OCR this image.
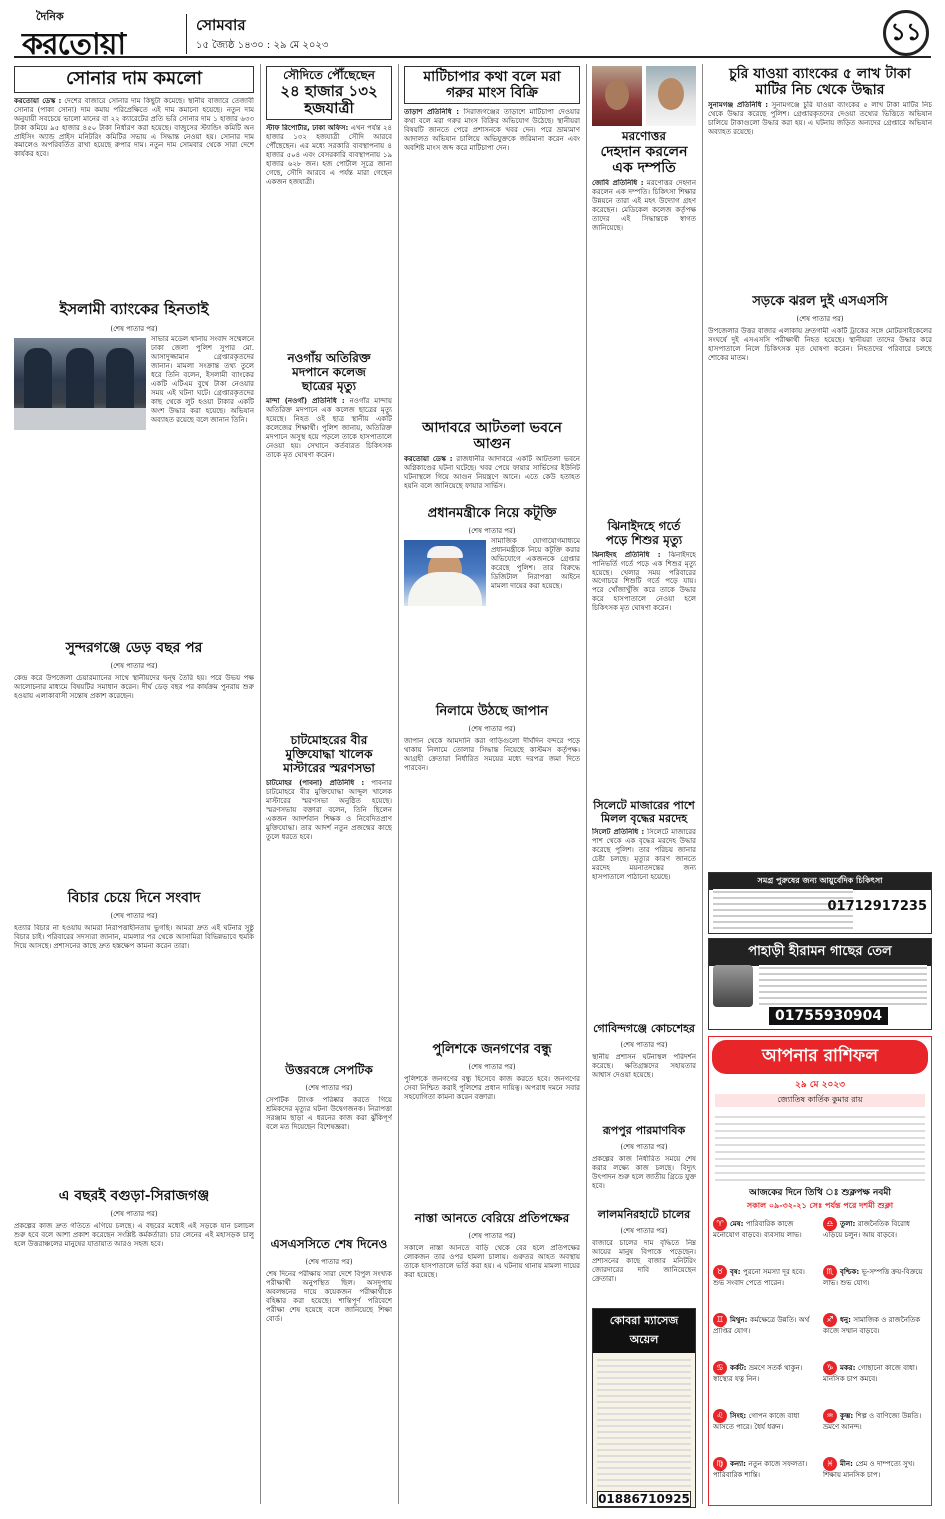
দৈনিক
করতোয়া
সোমবার
১৫ জ্যৈষ্ঠ ১৪৩০ : ২৯ মে ২০২৩	১১
সোনার দাম কমলো
করতোয়া ডেস্ক : দেশের বাজারে সোনার দাম কিছুটা কমেছে। স্থানীয় বাজারে তেজাবী সোনার (পাকা সোনা) দাম কমায় পরিপ্রেক্ষিতে এই দাম কমানো হয়েছে। নতুন দাম অনুযায়ী সবচেয়ে ভালো মানের বা ২২ ক্যারেটের প্রতি ভরি সোনার দাম ১ হাজার ৬৩৩ টাকা কমিয়ে ৯৫ হাজার ৪৫০ টাকা নির্ধারণ করা হয়েছে। বাজুসের স্ট্যান্ডিং কমিটি অন প্রাইসিং অ্যান্ড প্রাইস মনিটরিং কমিটির সভায় এ সিদ্ধান্ত নেওয়া হয়। সোনার দাম কমালেও অপরিবর্তিত রাখা হয়েছে রুপার দাম। নতুন দাম সোমবার থেকে সারা দেশে কার্যকর হবে।
ইসলামী ব্যাংকের হিনতাই
(শেষ পাতার পর)
সাভার মডেল থানায় সংবাদ সম্মেলনে ঢাকা জেলা পুলিশ সুপার মো. আসাদুজ্জামান গ্রেপ্তারকৃতদের জানান। মামলা সংক্রান্ত তথ্য তুলে ধরে তিনি বলেন, ইসলামী ব্যাংকের একটি এটিএম বুথে টাকা নেওয়ার সময় এই ঘটনা ঘটে। গ্রেপ্তারকৃতদের কাছ থেকে লুট হওয়া টাকার একটি অংশ উদ্ধার করা হয়েছে। অভিযান অব্যাহত রয়েছে বলে জানান তিনি।
সুন্দরগঞ্জে ডেড় বছর পর
(শেষ পাতার পর)
কেন্দ্র করে উপজেলা চেয়ারম্যানের সাথে স্থানীয়দের দ্বন্দ্ব তৈরি হয়। পরে উভয় পক্ষ আলোচনার মাধ্যমে বিষয়টির সমাধান করেন। দীর্ঘ ডেড় বছর পর কার্যক্রম পুনরায় শুরু হওয়ায় এলাকাবাসী সন্তোষ প্রকাশ করেছেন।
বিচার চেয়ে দিনে সংবাদ
(শেষ পাতার পর)
হত্যার বিচার না হওয়ায় আমরা নিরাপত্তাহীনতায় ভুগছি। আমরা দ্রুত এই ঘটনার সুষ্ঠু বিচার চাই। পরিবারের সদস্যরা জানান, মামলার পর থেকে আসামিরা বিভিন্নভাবে হুমকি দিয়ে আসছে। প্রশাসনের কাছে দ্রুত হস্তক্ষেপ কামনা করেন তারা।
এ বছরই বগুড়া-সিরাজগঞ্জ
(শেষ পাতার পর)
প্রকল্পের কাজ দ্রুত গতিতে এগিয়ে চলছে। এ বছরের মধ্যেই এই সড়কে যান চলাচল শুরু হবে বলে আশা প্রকাশ করেছেন সংশ্লিষ্ট কর্মকর্তারা। চার লেনের এই মহাসড়ক চালু হলে উত্তরাঞ্চলের মানুষের যাতায়াত আরও সহজ হবে।
সৌদিতে পৌঁছেছেন
২৪ হাজার ১৩২
হজযাত্রী
স্টাফ রিপোর্টার, ঢাকা অফিস: এখন পর্যন্ত ২৪ হাজার ১৩২ হজযাত্রী সৌদি আরবে পৌঁছেছেন। এর মধ্যে সরকারি ব্যবস্থাপনায় ৪ হাজার ৫০৪ এবং বেসরকারি ব্যবস্থাপনায় ১৯ হাজার ৬২৮ জন। হজ পোর্টাল সূত্রে জানা গেছে, সৌদি আরবে এ পর্যন্ত মারা গেছেন একজন হজযাত্রী।
নওগাঁয় অতিরিক্ত
মদপানে কলেজ
ছাত্রের মৃত্যু
মান্দা (নওগাঁ) প্রতিনিধি : নওগাঁর মান্দায় অতিরিক্ত মদপানে এক কলেজ ছাত্রের মৃত্যু হয়েছে। নিহত ওই ছাত্র স্থানীয় একটি কলেজের শিক্ষার্থী। পুলিশ জানায়, অতিরিক্ত মদপানে অসুস্থ হয়ে পড়লে তাকে হাসপাতালে নেওয়া হয়। সেখানে কর্তব্যরত চিকিৎসক তাকে মৃত ঘোষণা করেন।
চাটমোহরের বীর
মুক্তিযোদ্ধা খালেক
মাস্টারের স্মরণসভা
চাটমোহর (পাবনা) প্রতিনিধি : পাবনার চাটমোহরে বীর মুক্তিযোদ্ধা আব্দুল খালেক মাস্টারের স্মরণসভা অনুষ্ঠিত হয়েছে। স্মরণসভায় বক্তারা বলেন, তিনি ছিলেন একজন আদর্শবান শিক্ষক ও নিবেদিতপ্রাণ মুক্তিযোদ্ধা। তার আদর্শ নতুন প্রজন্মের কাছে তুলে ধরতে হবে।
উত্তরবঙ্গে সেপটিক
(শেষ পাতার পর)
সেপটিক ট্যাংক পরিষ্কার করতে গিয়ে শ্রমিকদের মৃত্যুর ঘটনা উদ্বেগজনক। নিরাপত্তা সরঞ্জাম ছাড়া এ ধরনের কাজ করা ঝুঁকিপূর্ণ বলে মত দিয়েছেন বিশেষজ্ঞরা।
এসএসসিতে শেষ দিনেও
(শেষ পাতার পর)
শেষ দিনের পরীক্ষায় সারা দেশে বিপুল সংখ্যক পরীক্ষার্থী অনুপস্থিত ছিল। অসদুপায় অবলম্বনের দায়ে কয়েকজন পরীক্ষার্থীকে বহিষ্কার করা হয়েছে। শান্তিপূর্ণ পরিবেশে পরীক্ষা শেষ হয়েছে বলে জানিয়েছে শিক্ষা বোর্ড।
মাটিচাপার কথা বলে মরা
গরুর মাংস বিক্রি
তাড়াশ প্রতিনিধি : সিরাজগঞ্জের তাড়াশে মাটিচাপা দেওয়ার কথা বলে মরা গরুর মাংস বিক্রির অভিযোগ উঠেছে। স্থানীয়রা বিষয়টি জানতে পেরে প্রশাসনকে খবর দেন। পরে ভ্রাম্যমাণ আদালত অভিযান চালিয়ে অভিযুক্তকে জরিমানা করেন এবং অবশিষ্ট মাংস জব্দ করে মাটিচাপা দেন।
আদাবরে আটতলা ভবনে আগুন
করতোয়া ডেস্ক : রাজধানীর আদাবরে একটি আটতলা ভবনে অগ্নিকাণ্ডের ঘটনা ঘটেছে। খবর পেয়ে ফায়ার সার্ভিসের ইউনিট ঘটনাস্থলে গিয়ে আগুন নিয়ন্ত্রণে আনে। এতে কেউ হতাহত হয়নি বলে জানিয়েছে ফায়ার সার্ভিস।
প্রধানমন্ত্রীকে নিয়ে কটূক্তি
(শেষ পাতার পর)
সামাজিক যোগাযোগমাধ্যমে প্রধানমন্ত্রীকে নিয়ে কটূক্তি করার অভিযোগে একজনকে গ্রেপ্তার করেছে পুলিশ। তার বিরুদ্ধে ডিজিটাল নিরাপত্তা আইনে মামলা দায়ের করা হয়েছে।
নিলামে উঠছে জাপান
(শেষ পাতার পর)
জাপান থেকে আমদানি করা গাড়িগুলো দীর্ঘদিন বন্দরে পড়ে থাকায় নিলামে তোলার সিদ্ধান্ত নিয়েছে কাস্টমস কর্তৃপক্ষ। আগ্রহী ক্রেতারা নির্ধারিত সময়ের মধ্যে দরপত্র জমা দিতে পারবেন।
পুলিশকে জনগণের বন্ধু
(শেষ পাতার পর)
পুলিশকে জনগণের বন্ধু হিসেবে কাজ করতে হবে। জনগণের সেবা নিশ্চিত করাই পুলিশের প্রধান দায়িত্ব। অপরাধ দমনে সবার সহযোগিতা কামনা করেন বক্তারা।
নাস্তা আনতে বেরিয়ে প্রতিপক্ষের
(শেষ পাতার পর)
সকালে নাস্তা আনতে বাড়ি থেকে বের হলে প্রতিপক্ষের লোকজন তার ওপর হামলা চালায়। গুরুতর আহত অবস্থায় তাকে হাসপাতালে ভর্তি করা হয়। এ ঘটনায় থানায় মামলা দায়ের করা হয়েছে।
মরণোত্তর
দেহদান করলেন
এক দম্পতি
জোবি প্রতিনিধি : মরণোত্তর দেহদান করলেন এক দম্পতি। চিকিৎসা শিক্ষার উন্নয়নে তারা এই মহৎ উদ্যোগ গ্রহণ করেছেন। মেডিকেল কলেজ কর্তৃপক্ষ তাদের এই সিদ্ধান্তকে স্বাগত জানিয়েছে।
ঝিনাইদহে গর্তে
পড়ে শিশুর মৃত্যু
ঝিনাইদহ প্রতিনিধি : ঝিনাইদহে পানিভর্তি গর্তে পড়ে এক শিশুর মৃত্যু হয়েছে। খেলার সময় পরিবারের অগোচরে শিশুটি গর্তে পড়ে যায়। পরে খোঁজাখুঁজি করে তাকে উদ্ধার করে হাসপাতালে নেওয়া হলে চিকিৎসক মৃত ঘোষণা করেন।
সিলেটে মাজারের পাশে
মিলল বৃদ্ধের মরদেহ
সিলেট প্রতিনিধি : সিলেটে মাজারের পাশ থেকে এক বৃদ্ধের মরদেহ উদ্ধার করেছে পুলিশ। তার পরিচয় জানার চেষ্টা চলছে। মৃত্যুর কারণ জানতে মরদেহ ময়নাতদন্তের জন্য হাসপাতালে পাঠানো হয়েছে।
গোবিন্দগঞ্জে কোচশেহর
(শেষ পাতার পর)
স্থানীয় প্রশাসন ঘটনাস্থল পরিদর্শন করেছে। ক্ষতিগ্রস্তদের সহায়তার আশ্বাস দেওয়া হয়েছে।
রূপপুর পারমাণবিক
(শেষ পাতার পর)
প্রকল্পের কাজ নির্ধারিত সময়ে শেষ করার লক্ষ্যে কাজ চলছে। বিদ্যুৎ উৎপাদন শুরু হলে জাতীয় গ্রিডে যুক্ত হবে।
লালমনিরহাটে চালের
(শেষ পাতার পর)
বাজারে চালের দাম বৃদ্ধিতে নিম্ন আয়ের মানুষ বিপাকে পড়েছেন। প্রশাসনের কাছে বাজার মনিটরিং জোরদারের দাবি জানিয়েছেন ক্রেতারা।
কোবরা ম্যাসেজ অয়েল
01886710925
চুরি যাওয়া ব্যাংকের ৫ লাখ টাকা
মাটির নিচ থেকে উদ্ধার
সুনামগঞ্জ প্রতিনিধি : সুনামগঞ্জে চুরি যাওয়া ব্যাংকের ৫ লাখ টাকা মাটির নিচ থেকে উদ্ধার করেছে পুলিশ। গ্রেপ্তারকৃতদের দেওয়া তথ্যের ভিত্তিতে অভিযান চালিয়ে টাকাগুলো উদ্ধার করা হয়। এ ঘটনায় জড়িত অন্যদের গ্রেপ্তারে অভিযান অব্যাহত রয়েছে।
সড়কে ঝরল দুই এসএসসি
(শেষ পাতার পর)
উপজেলার উত্তর বাজার এলাকায় দ্রুতগামী একটি ট্রাকের সঙ্গে মোটরসাইকেলের সংঘর্ষে দুই এসএসসি পরীক্ষার্থী নিহত হয়েছে। স্থানীয়রা তাদের উদ্ধার করে হাসপাতালে নিলে চিকিৎসক মৃত ঘোষণা করেন। নিহতদের পরিবারে চলছে শোকের মাতম।
সমগ্র পুরুষের জন্য আয়ুর্বেদিক চিকিৎসা
01712917235
পাহাড়ী হীরামন গাছের তেল
01755930904
আপনার রাশিফল
২৯ মে ২০২৩
জ্যোতিষ কার্তিক কুমার রায়
আজকের দিনে তিথি ঃ শুক্লপক্ষ নবমী
সকাল ০৯-৩২-২১ সেঃ পর্যন্ত পরে দশমী শুক্লা
♈ মেষ: পারিবারিক কাজে মনোযোগ বাড়বে। ব্যবসায় লাভ।
♉ বৃষ: পুরনো সমস্যা দূর হবে। শুভ সংবাদ পেতে পারেন।
♊ মিথুন: কর্মক্ষেত্রে উন্নতি। অর্থ প্রাপ্তির যোগ।
♋ কর্কট: ভ্রমণে সতর্ক থাকুন। স্বাস্থ্যের যত্ন নিন।
♌ সিংহ: গোপন কাজে বাধা আসতে পারে। ধৈর্য ধরুন।
♍ কন্যা: নতুন কাজে সফলতা। পারিবারিক শান্তি।
♎ তুলা: রাজনৈতিক বিরোধ এড়িয়ে চলুন। আয় বাড়বে।
♏ বৃশ্চিক: ভূ-সম্পত্তি ক্রয়-বিক্রয়ে লাভ। শুভ যোগ।
♐ ধনু: সামাজিক ও রাজনৈতিক কাজে সম্মান বাড়বে।
♑ মকর: গোছানো কাজে বাধা। মানসিক চাপ কমবে।
♒ কুম্ভ: শিল্প ও বাণিজ্যে উন্নতি। ভ্রমণে আনন্দ।
♓ মীন: প্রেম ও দাম্পত্যে সুখ। শিক্ষায় মানসিক চাপ।
